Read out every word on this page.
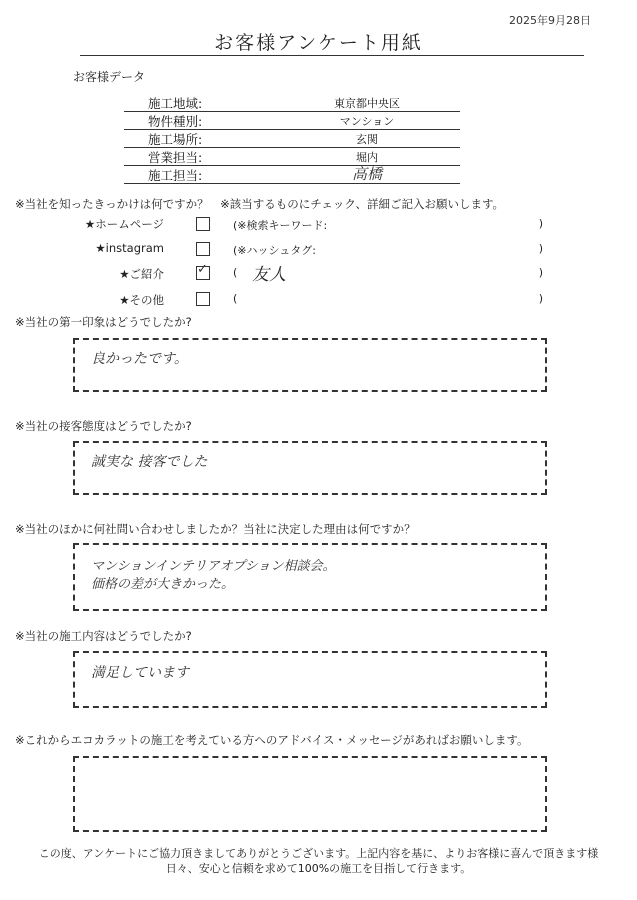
2025年9月28日
お客様アンケート用紙
お客様データ
施工地域:	東京都中央区
物件種別:	マンション
施工場所:	玄関
営業担当:	堀内
施工担当:	高橋
※当社を知ったきっかけは何ですか？　※該当するものにチェック、詳細ご記入お願いします。
★ホームページ	(※検索キーワード:	)
★instagram	(※ハッシュタグ:	)
★ご紹介	✓ ( 友人	)
★その他	(	)
※当社の第一印象はどうでしたか?
良かったです。
※当社の接客態度はどうでしたか?
誠実な 接客でした
※当社のほかに何社問い合わせしましたか？当社に決定した理由は何ですか？
マンションインテリアオプション相談会。
価格の差が大きかった。
※当社の施工内容はどうでしたか?
満足しています
※これからエコカラットの施工を考えている方へのアドバイス・メッセージがあればお願いします。
この度、アンケートにご協力頂きましてありがとうございます。上記内容を基に、よりお客様に喜んで頂きます様
日々、安心と信頼を求めて100%の施工を目指して行きます。
